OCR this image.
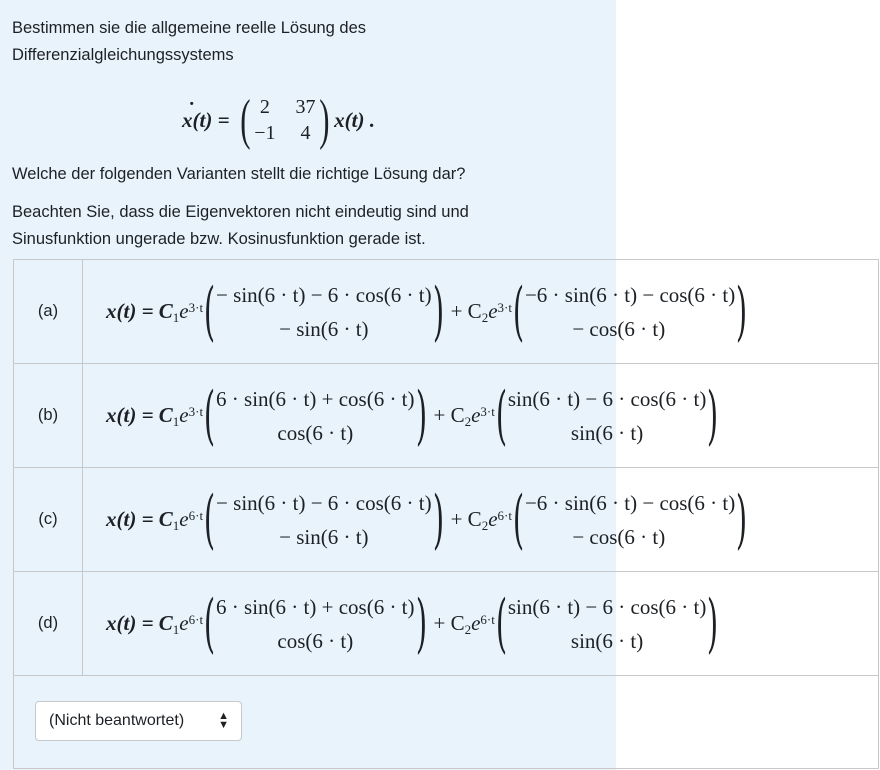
Bestimmen sie die allgemeine reelle Lösung des
Differenzialgleichungssystems
˙ x(t) = ( 2 37
−1 4 ) x(t) .
Welche der folgenden Varianten stellt die richtige Lösung dar?
Beachten Sie, dass die Eigenvektoren nicht eindeutig sind und
Sinusfunktion ungerade bzw. Kosinusfunktion gerade ist.
(a)	x(t) = C 1 e 3·t ( − sin(6 · t) − 6 · cos(6 · t)
− sin(6 · t) ) + C 2 e 3·t ( −6 · sin(6 · t) − cos(6 · t)
− cos(6 · t) )
(b)	x(t) = C 1 e 3·t ( 6 · sin(6 · t) + cos(6 · t)
cos(6 · t) ) + C 2 e 3·t ( sin(6 · t) − 6 · cos(6 · t)
sin(6 · t) )
(c)	x(t) = C 1 e 6·t ( − sin(6 · t) − 6 · cos(6 · t)
− sin(6 · t) ) + C 2 e 6·t ( −6 · sin(6 · t) − cos(6 · t)
− cos(6 · t) )
(d)	x(t) = C 1 e 6·t ( 6 · sin(6 · t) + cos(6 · t)
cos(6 · t) ) + C 2 e 6·t ( sin(6 · t) − 6 · cos(6 · t)
sin(6 · t) )
(Nicht beantwortet)	▲
▼
